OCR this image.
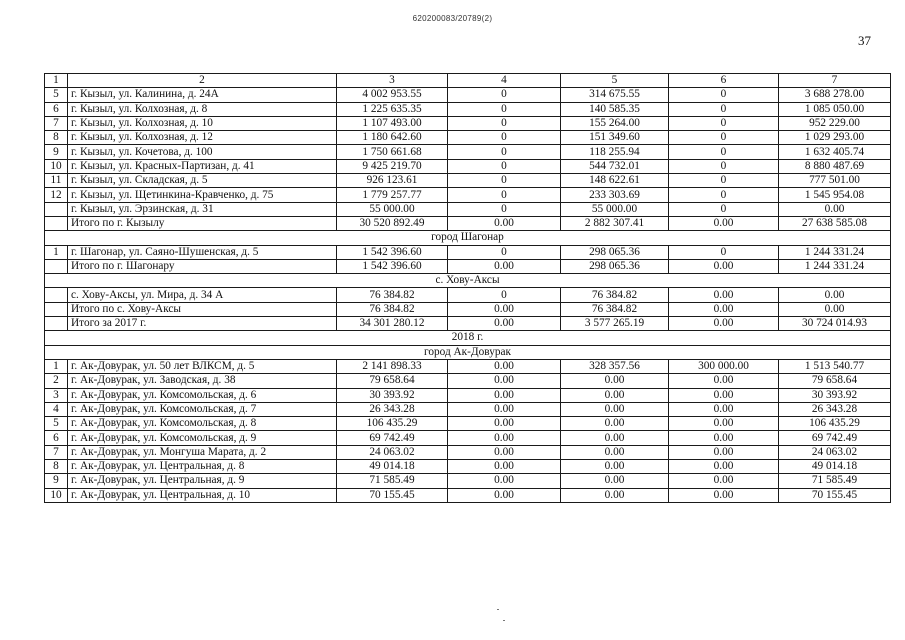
620200083/20789(2)
37
1	2	3	4	5	6	7
5	г. Кызыл, ул. Калинина, д. 24А	4 002 953.55	0	314 675.55	0	3 688 278.00
6	г. Кызыл, ул. Колхозная, д. 8	1 225 635.35	0	140 585.35	0	1 085 050.00
7	г. Кызыл, ул. Колхозная, д. 10	1 107 493.00	0	155 264.00	0	952 229.00
8	г. Кызыл, ул. Колхозная, д. 12	1 180 642.60	0	151 349.60	0	1 029 293.00
9	г. Кызыл, ул. Кочетова, д. 100	1 750 661.68	0	118 255.94	0	1 632 405.74
10	г. Кызыл, ул. Красных-Партизан, д. 41	9 425 219.70	0	544 732.01	0	8 880 487.69
11	г. Кызыл, ул. Складская, д. 5	926 123.61	0	148 622.61	0	777 501.00
12	г. Кызыл, ул. Щетинкина-Кравченко, д. 75	1 779 257.77	0	233 303.69	0	1 545 954.08
	г. Кызыл, ул. Эрзинская, д. 31	55 000.00	0	55 000.00	0	0.00
	Итого по г. Кызылу	30 520 892.49	0.00	2 882 307.41	0.00	27 638 585.08
город Шагонар						
1	г. Шагонар, ул. Саяно-Шушенская, д. 5	1 542 396.60	0	298 065.36	0	1 244 331.24
	Итого по г. Шагонару	1 542 396.60	0.00	298 065.36	0.00	1 244 331.24
с. Хову-Аксы						
	с. Хову-Аксы, ул. Мира, д. 34 А	76 384.82	0	76 384.82	0.00	0.00
	Итого по с. Хову-Аксы	76 384.82	0.00	76 384.82	0.00	0.00
	Итого за 2017 г.	34 301 280.12	0.00	3 577 265.19	0.00	30 724 014.93
2018 г.						
город Ак-Довурак						
1	г. Ак-Довурак, ул. 50 лет ВЛКСМ, д. 5	2 141 898.33	0.00	328 357.56	300 000.00	1 513 540.77
2	г. Ак-Довурак, ул. Заводская, д. 38	79 658.64	0.00	0.00	0.00	79 658.64
3	г. Ак-Довурак, ул. Комсомольская, д. 6	30 393.92	0.00	0.00	0.00	30 393.92
4	г. Ак-Довурак, ул. Комсомольская, д. 7	26 343.28	0.00	0.00	0.00	26 343.28
5	г. Ак-Довурак, ул. Комсомольская, д. 8	106 435.29	0.00	0.00	0.00	106 435.29
6	г. Ак-Довурак, ул. Комсомольская, д. 9	69 742.49	0.00	0.00	0.00	69 742.49
7	г. Ак-Довурак, ул. Монгуша Марата, д. 2	24 063.02	0.00	0.00	0.00	24 063.02
8	г. Ак-Довурак, ул. Центральная, д. 8	49 014.18	0.00	0.00	0.00	49 014.18
9	г. Ак-Довурак, ул. Центральная, д. 9	71 585.49	0.00	0.00	0.00	71 585.49
10	г. Ак-Довурак, ул. Центральная, д. 10	70 155.45	0.00	0.00	0.00	70 155.45
